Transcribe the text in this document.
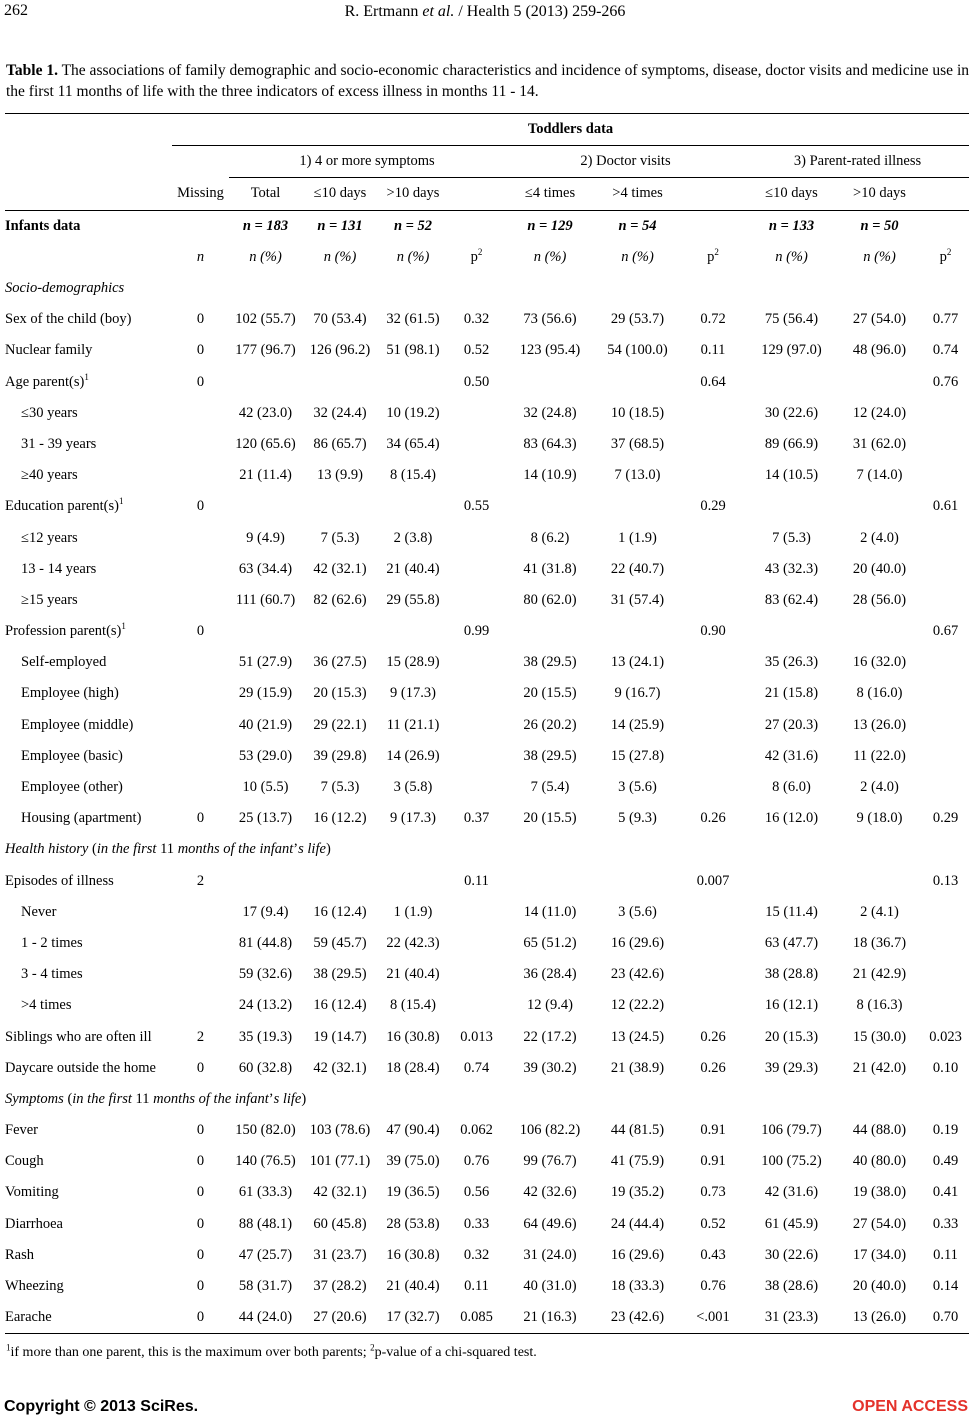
262	R. Ertmann et al. / Health 5 (2013) 259-266
Table 1. The associations of family demographic and socio-economic characteristics and incidence of symptoms, disease, doctor visits and medicine use in the first 11 months of life with the three indicators of excess illness in months 11 - 14.
	Toddlers data										
		1) 4 or more symptoms				2) Doctor visits			3) Parent-rated illness		
	Missing	Total	≤10 days	>10 days		≤4 times	>4 times		≤10 days	>10 days	
Infants data		n = 183	n = 131	n = 52		n = 129	n = 54		n = 133	n = 50	
	n	n (%)	n (%)	n (%)	$p^2$	n (%)	n (%)	$p^2$	n (%)	n (%)	$p^2$
Socio-demographics											
Sex of the child (boy)	0	102 (55.7)	70 (53.4)	32 (61.5)	0.32	73 (56.6)	29 (53.7)	0.72	75 (56.4)	27 (54.0)	0.77
Nuclear family	0	177 (96.7)	126 (96.2)	51 (98.1)	0.52	123 (95.4)	54 (100.0)	0.11	129 (97.0)	48 (96.0)	0.74
Age $parent(s)^1$	0				0.50			0.64			0.76
≤30 years		42 (23.0)	32 (24.4)	10 (19.2)		32 (24.8)	10 (18.5)		30 (22.6)	12 (24.0)	
31 - 39 years		120 (65.6)	86 (65.7)	34 (65.4)		83 (64.3)	37 (68.5)		89 (66.9)	31 (62.0)	
≥40 years		21 (11.4)	13 (9.9)	8 (15.4)		14 (10.9)	7 (13.0)		14 (10.5)	7 (14.0)	
Education $parent(s)^1$	0				0.55			0.29			0.61
≤12 years		9 (4.9)	7 (5.3)	2 (3.8)		8 (6.2)	1 (1.9)		7 (5.3)	2 (4.0)	
13 - 14 years		63 (34.4)	42 (32.1)	21 (40.4)		41 (31.8)	22 (40.7)		43 (32.3)	20 (40.0)	
≥15 years		111 (60.7)	82 (62.6)	29 (55.8)		80 (62.0)	31 (57.4)		83 (62.4)	28 (56.0)	
Profession $parent(s)^1$	0				0.99			0.90			0.67
Self-employed		51 (27.9)	36 (27.5)	15 (28.9)		38 (29.5)	13 (24.1)		35 (26.3)	16 (32.0)	
Employee (high)		29 (15.9)	20 (15.3)	9 (17.3)		20 (15.5)	9 (16.7)		21 (15.8)	8 (16.0)	
Employee (middle)		40 (21.9)	29 (22.1)	11 (21.1)		26 (20.2)	14 (25.9)		27 (20.3)	13 (26.0)	
Employee (basic)		53 (29.0)	39 (29.8)	14 (26.9)		38 (29.5)	15 (27.8)		42 (31.6)	11 (22.0)	
Employee (other)		10 (5.5)	7 (5.3)	3 (5.8)		7 (5.4)	3 (5.6)		8 (6.0)	2 (4.0)	
Housing (apartment)	0	25 (13.7)	16 (12.2)	9 (17.3)	0.37	20 (15.5)	5 (9.3)	0.26	16 (12.0)	9 (18.0)	0.29
Health history (in the first 11 months of the infant’s life)											
Episodes of illness	2				0.11			0.007			0.13
Never		17 (9.4)	16 (12.4)	1 (1.9)		14 (11.0)	3 (5.6)		15 (11.4)	2 (4.1)	
1 - 2 times		81 (44.8)	59 (45.7)	22 (42.3)		65 (51.2)	16 (29.6)		63 (47.7)	18 (36.7)	
3 - 4 times		59 (32.6)	38 (29.5)	21 (40.4)		36 (28.4)	23 (42.6)		38 (28.8)	21 (42.9)	
>4 times		24 (13.2)	16 (12.4)	8 (15.4)		12 (9.4)	12 (22.2)		16 (12.1)	8 (16.3)	
Siblings who are often ill	2	35 (19.3)	19 (14.7)	16 (30.8)	0.013	22 (17.2)	13 (24.5)	0.26	20 (15.3)	15 (30.0)	0.023
Daycare outside the home	0	60 (32.8)	42 (32.1)	18 (28.4)	0.74	39 (30.2)	21 (38.9)	0.26	39 (29.3)	21 (42.0)	0.10
Symptoms (in the first 11 months of the infant’s life)											
Fever	0	150 (82.0)	103 (78.6)	47 (90.4)	0.062	106 (82.2)	44 (81.5)	0.91	106 (79.7)	44 (88.0)	0.19
Cough	0	140 (76.5)	101 (77.1)	39 (75.0)	0.76	99 (76.7)	41 (75.9)	0.91	100 (75.2)	40 (80.0)	0.49
Vomiting	0	61 (33.3)	42 (32.1)	19 (36.5)	0.56	42 (32.6)	19 (35.2)	0.73	42 (31.6)	19 (38.0)	0.41
Diarrhoea	0	88 (48.1)	60 (45.8)	28 (53.8)	0.33	64 (49.6)	24 (44.4)	0.52	61 (45.9)	27 (54.0)	0.33
Rash	0	47 (25.7)	31 (23.7)	16 (30.8)	0.32	31 (24.0)	16 (29.6)	0.43	30 (22.6)	17 (34.0)	0.11
Wheezing	0	58 (31.7)	37 (28.2)	21 (40.4)	0.11	40 (31.0)	18 (33.3)	0.76	38 (28.6)	20 (40.0)	0.14
Earache	0	44 (24.0)	27 (20.6)	17 (32.7)	0.085	21 (16.3)	23 (42.6)	<.001	31 (23.3)	13 (26.0)	0.70

$^1$if more than one parent, this is the maximum over both parents; $^2$p-value of a chi-squared test.
Copyright © 2013 SciRes.	OPEN ACCESS
